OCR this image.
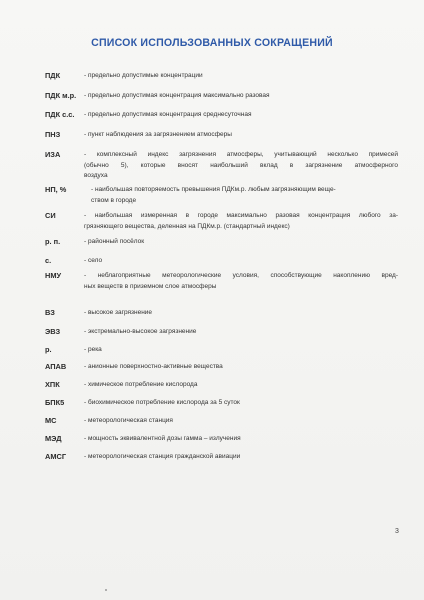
СПИСОК ИСПОЛЬЗОВАННЫХ СОКРАЩЕНИЙ
ПДК	- предельно допустимые концентрации
ПДК м.р. - предельно допустимая концентрация максимально разовая
ПДК с.с. - предельно допустимая концентрация среднесуточная
ПНЗ	- пункт наблюдения за загрязнением атмосферы
ИЗА	- комплексный индекс загрязнения атмосферы, учитывающий несколько примесей
(обычно 5), которые вносят наибольший вклад в загрязнение атмосферного
воздуха
НП, %	- наибольшая повторяемость превышения ПДКм.р. любым загрязняющим веще-
ством в городе
СИ	- наибольшая измеренная в городе максимально разовая концентрация любого за-
грязняющего вещества, деленная на ПДКм.р. (стандартный индекс)
р. п.	- районный посёлок
с.	- село
НМУ	- неблагоприятные метеорологические условия, способствующие накоплению вред-
ных веществ в приземном слое атмосферы
ВЗ	- высокое загрязнение
ЭВЗ	- экстремально-высокое загрязнение
р.	- река
АПАВ	- анионные поверхностно-активные вещества
ХПК	- химическое потребление кислорода
БПК5	- биохимическое потребление кислорода за 5 суток
МС	- метеорологическая станция
МЭД	- мощность эквивалентной дозы гамма – излучения
АМСГ	- метеорологическая станция гражданской авиации
3
